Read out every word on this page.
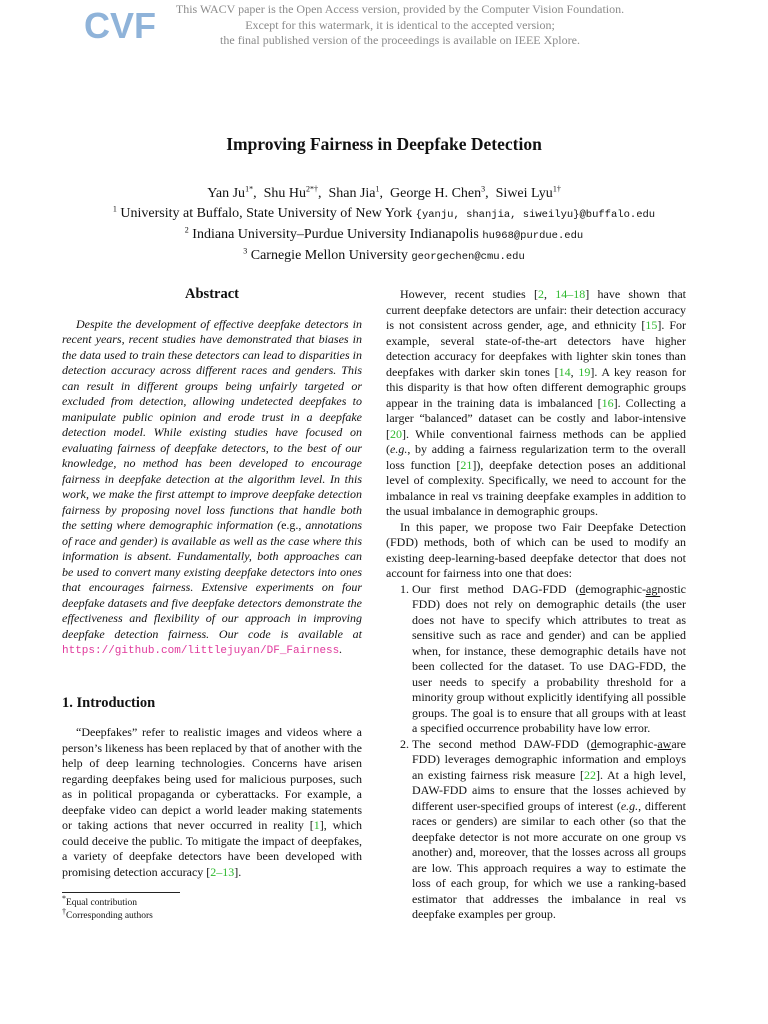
CVF	This WACV paper is the Open Access version, provided by the Computer Vision Foundation.
Except for this watermark, it is identical to the accepted version;
the final published version of the proceedings is available on IEEE Xplore.
Improving Fairness in Deepfake Detection
Yan $Ju^{1*}$,  Shu $Hu^{2*\dagger}$,  Shan Jia$^1$,  George H. Chen$^3$,  Siwei Lyu$^{1\dagger}$
$^1$ University at Buffalo, State University of New York {yanju, shanjia, siweilyu}@buffalo.edu
$^2$ Indiana University–Purdue University Indianapolis hu968@purdue.edu
$^3$ Carnegie Mellon University georgechen@cmu.edu
Abstract

Despite the development of effective deepfake detectors in recent years, recent studies have demonstrated that biases in the data used to train these detectors can lead to disparities in detection accuracy across different races and genders. This can result in different groups being unfairly targeted or excluded from detection, allowing undetected deepfakes to manipulate public opinion and erode trust in a deepfake detection model. While existing studies have focused on evaluating fairness of deepfake detectors, to the best of our knowledge, no method has been developed to encourage fairness in deepfake detection at the algorithm level. In this work, we make the first attempt to improve deepfake detection fairness by proposing novel loss functions that handle both the setting where demographic information (e.g., annotations of race and gender) is available as well as the case where this information is absent. Fundamentally, both approaches can be used to convert many existing deepfake detectors into ones that encourages fairness. Extensive experiments on four deepfake datasets and five deepfake detectors demonstrate the effectiveness and flexibility of our approach in improving deepfake detection fairness. Our code is available at https://github.com/littlejuyan/DF_Fairness.

1. Introduction

“Deepfakes” refer to realistic images and videos where a person’s likeness has been replaced by that of another with the help of deep learning technologies. Concerns have arisen regarding deepfakes being used for malicious purposes, such as in political propaganda or cyberattacks. For example, a deepfake video can depict a world leader making statements or taking actions that never occurred in reality [1], which could deceive the public. To mitigate the impact of deepfakes, a variety of deepfake detectors have been developed with promising detection accuracy [2–13].

*Equal contribution
†Corresponding authors

However, recent studies [2, 14–18] have shown that current deepfake detectors are unfair: their detection accuracy is not consistent across gender, age, and ethnicity [15]. For example, several state-of-the-art detectors have higher detection accuracy for deepfakes with lighter skin tones than deepfakes with darker skin tones [14, 19]. A key reason for this disparity is that how often different demographic groups appear in the training data is imbalanced [16]. Collecting a larger “balanced” dataset can be costly and labor-intensive [20]. While conventional fairness methods can be applied (e.g., by adding a fairness regularization term to the overall loss function [21]), deepfake detection poses an additional level of complexity. Specifically, we need to account for the imbalance in real vs training deepfake examples in addition to the usual imbalance in demographic groups.

In this paper, we propose two Fair Deepfake Detection (FDD) methods, both of which can be used to modify an existing deep-learning-based deepfake detector that does not account for fairness into one that does:

1. Our first method DAG-FDD (demographic-agnostic FDD) does not rely on demographic details ($\overline{the}$ user does not have to specify which attributes to treat as sensitive such as race and gender) and can be applied when, for instance, these demographic details have not been collected for the dataset. To use DAG-FDD, the user needs to specify a probability threshold for a minority group without explicitly identifying all possible groups. The goal is to ensure that all groups with at least a specified occurrence probability have low error.
2. The second method DAW-FDD (demographic-aware FDD) leverages demographic information and employs an existing fairness risk measure [22]. At a high level, DAW-FDD aims to ensure that the losses achieved by different user-specified groups of interest (e.g., different races or genders) are similar to each other (so that the deepfake detector is not more accurate on one group vs another) and, moreover, that the losses across all groups are low. This approach requires a way to estimate the loss of each group, for which we use a ranking-based estimator that addresses the imbalance in real vs deepfake examples per group.
